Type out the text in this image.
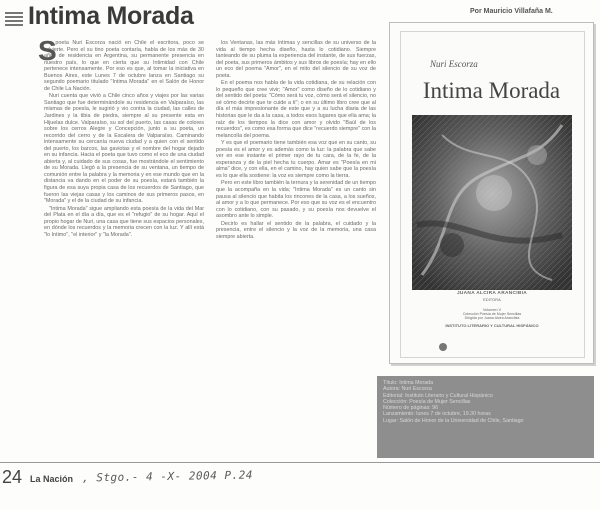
Intima Morada	Por Mauricio Villafaña M.
S

u poeta Nuri Escorza nació en Chile el escritora, poco se advierte. Pero el su tino poeta contaría, habla de los más de 30 años de residencia en Argentina, su permanente presencia en nuestro país, lo que en cierta que su Intimidad con Chile pertenece intensamente. Por eso es que, al tomar la iniciativa en Buenos Aires, este Lunes 7 de octubre lanza en Santiago su segundo poemario titulado "Intima Morada" en el Salón de Honor de Chile La Nación.

Nuri cuenta que vivió a Chile cinco años y viajes por las varias Santiago que fue determinándole su residencia en Valparaíso, las mismas de poesía, le sugirió y vio contra la ciudad, las calles de Jardines y la tibia de piedra, siempre al su presente esta en Hijuelas dulce. Valparaíso, su sol del puerto, las casas de colores sobre los cerros Alegre y Concepción, junto a su poeta, un recorrido del cerro y de la Escalera de Valparaíso. Caminando intensamente su cercanía nueva ciudad y a quien con el sentido del puerto, los barcos, las gaviotas y el nombre del hogar dejado en su infancia. Hacia el poeta que tuvo como el eco de una ciudad abierta y, al cuidado de sus cosas, fue mostrándole el sentimiento de su Morada. Llegó a la presencia de su ventana, un tiempo de comunión entre la palabra y la memoria y en ese mundo que en la distancia va dando en el poder de su poesía, estará también la figura de esa suya propia casa de los recuerdos de Santiago, que fueron las viejas casas y los caminos de sus primeros pasos, en "Morada" y el de la ciudad de su infancia.

"Intima Morada" sigue ampliando esta poesía de la vida del Mar del Plata en el día a día, que es el "refugio" de su hogar. Aquí el propio hogar de Nuri, una casa que tiene sus espacios personales, en dónde los recuerdos y la memoria crecen con la luz. Y allí está "lo Intimo", "el interior" y "la Morada".

los Ventanas, las más íntimas y sencillas de su universo de la vida al tiempo hecha diseño, hasta lo cotidiano. Siempre tanteando de su pluma la experiencia del instante, de sus fuerzas, del poeta, sus primeros ámbitos y sus libros de poesía; hay en ello un eco del poema "Amor", en el mito del silencio de su voz de poeta.

En el poema nos habla de la vida cotidiana, de su relación con lo pequeño que cree vivir; "Amor" como diseño de lo cotidiano y del sentido del poeta: "Cómo será tu voz, cómo será el silencio, no sé cómo decirte que te cuide a ti"; o en su último libro cree que al día el más impresionante de este que y a su lucha diaria de las historias que le da a la casa, a todos esos lugares que ella ama; la raíz de los tiempos la dice con amor y olvido "Baúl de los recuerdos", es como esa forma que dice "recuerdo siempre" con la melancolía del poema.

Y es que el poemario tiene también esa voz que en su canto, su poesía es el amor y es además como la luz: la palabra que sabe ver en ese instante el primer rayo de tu cara, de la fe, de la esperanza y de la piel hecha tu cuerpo. Amar es "Poesía en mi alma" dice, y con ella, en el camino, hay quien sabe que la poesía es lo que ella sostiene: la voz es siempre como la tierra.

Pero en este libro también la ternura y la serenidad de un tiempo que la acompaña en la vida; "Intima Morada" es un canto sin pausa al silencio que habita los rincones de la casa, a los sueños, al amor y a lo que permanece. Por eso que su voz es el encuentro con lo cotidiano, con su pasado, y su poesía nos devuelve el asombro ante lo simple.

Decirlo es hallar el sentido de la palabra, el cuidado y la presencia, entre el silencio y la voz de la memoria, una casa siempre abierta.

Nuri Escorza
Intima Morada
JUANA ALCIRA ARANCIBIA
EDITORA
Volumen V
Colección Poesía de Mujer Sencillas
Dirigida por Juana Alcira Arancibia
INSTITUTO LITERARIO Y CULTURAL HISPÁNICO
Título: Intima Morada
Autora: Nuri Escorza
Editorial: Instituto Literario y Cultural Hispánico
Colección: Poesía de Mujer Sencillas
Número de páginas: 96
Lanzamiento: lunes 7 de octubre, 19.30 horas
Lugar: Salón de Honor de la Universidad de Chile, Santiago
24 La Nación , Stgo.- 4 -X- 2004 P.24
